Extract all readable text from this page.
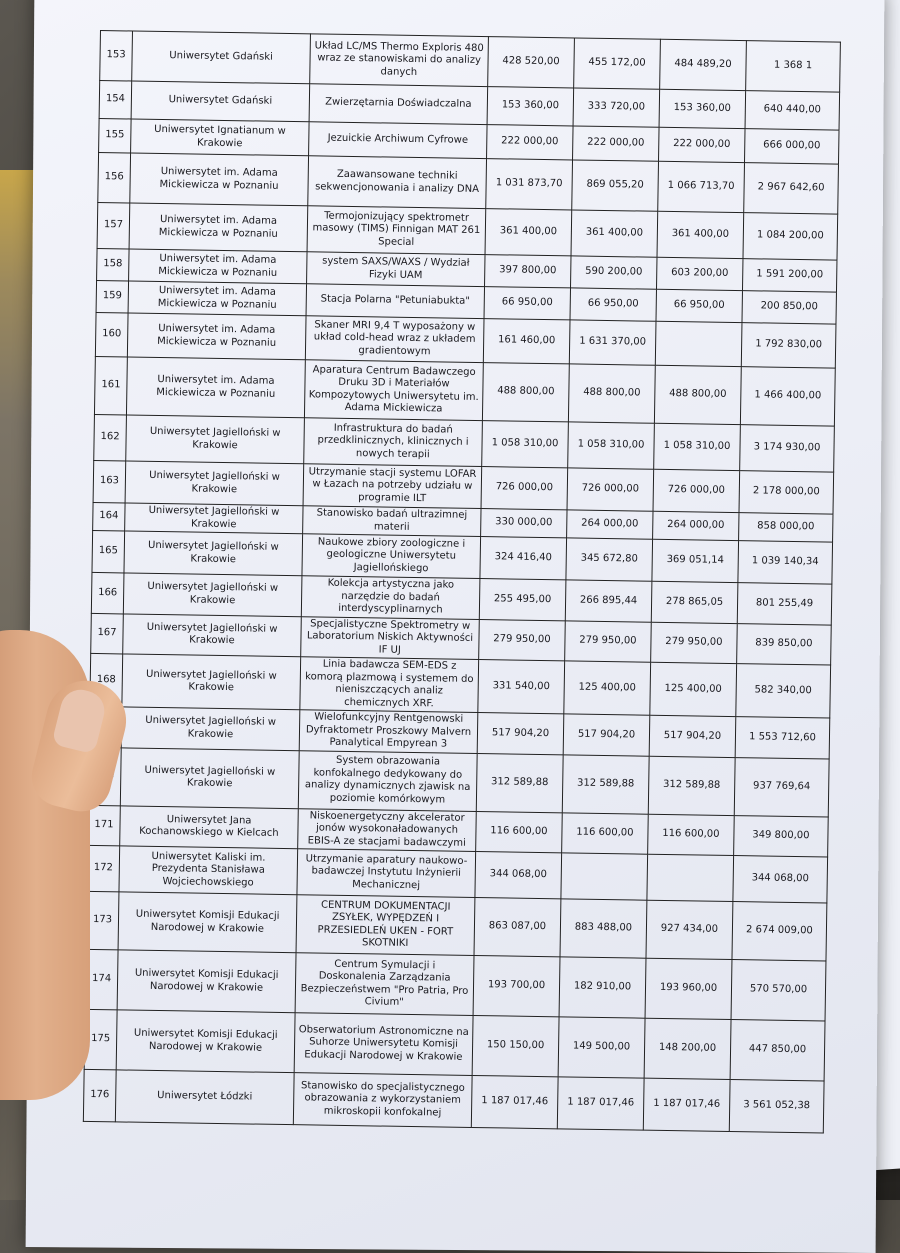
153	Uniwersytet Gdański	Układ LC/MS Thermo Exploris 480 wraz ze stanowiskami do analizy danych	428 520,00	455 172,00	484 489,20	1 368 1
154	Uniwersytet Gdański	Zwierzętarnia Doświadczalna	153 360,00	333 720,00	153 360,00	640 440,00
155	Uniwersytet Ignatianum w Krakowie	Jezuickie Archiwum Cyfrowe	222 000,00	222 000,00	222 000,00	666 000,00
156	Uniwersytet im. Adama Mickiewicza w Poznaniu	Zaawansowane techniki sekwencjonowania i analizy DNA	1 031 873,70	869 055,20	1 066 713,70	2 967 642,60
157	Uniwersytet im. Adama Mickiewicza w Poznaniu	Termojonizujący spektrometr masowy (TIMS) Finnigan MAT 261 Special	361 400,00	361 400,00	361 400,00	1 084 200,00
158	Uniwersytet im. Adama Mickiewicza w Poznaniu	system SAXS/WAXS / Wydział Fizyki UAM	397 800,00	590 200,00	603 200,00	1 591 200,00
159	Uniwersytet im. Adama Mickiewicza w Poznaniu	Stacja Polarna "Petuniabukta"	66 950,00	66 950,00	66 950,00	200 850,00
160	Uniwersytet im. Adama Mickiewicza w Poznaniu	Skaner MRI 9,4 T wyposażony w układ cold-head wraz z układem gradientowym	161 460,00	1 631 370,00		1 792 830,00
161	Uniwersytet im. Adama Mickiewicza w Poznaniu	Aparatura Centrum Badawczego Druku 3D i Materiałów Kompozytowych Uniwersytetu im. Adama Mickiewicza	488 800,00	488 800,00	488 800,00	1 466 400,00
162	Uniwersytet Jagielloński w Krakowie	Infrastruktura do badań przedklinicznych, klinicznych i nowych terapii	1 058 310,00	1 058 310,00	1 058 310,00	3 174 930,00
163	Uniwersytet Jagielloński w Krakowie	Utrzymanie stacji systemu LOFAR w Łazach na potrzeby udziału w programie ILT	726 000,00	726 000,00	726 000,00	2 178 000,00
164	Uniwersytet Jagielloński w Krakowie	Stanowisko badań ultrazimnej materii	330 000,00	264 000,00	264 000,00	858 000,00
165	Uniwersytet Jagielloński w Krakowie	Naukowe zbiory zoologiczne i geologiczne Uniwersytetu Jagiellońskiego	324 416,40	345 672,80	369 051,14	1 039 140,34
166	Uniwersytet Jagielloński w Krakowie	Kolekcja artystyczna jako narzędzie do badań interdyscyplinarnych	255 495,00	266 895,44	278 865,05	801 255,49
167	Uniwersytet Jagielloński w Krakowie	Specjalistyczne Spektrometry w Laboratorium Niskich Aktywności IF UJ	279 950,00	279 950,00	279 950,00	839 850,00
168	Uniwersytet Jagielloński w Krakowie	Linia badawcza SEM-EDS z komorą plazmową i systemem do nieniszczących analiz chemicznych XRF.	331 540,00	125 400,00	125 400,00	582 340,00
	Uniwersytet Jagielloński w Krakowie	Wielofunkcyjny Rentgenowski Dyfraktometr Proszkowy Malvern Panalytical Empyrean 3	517 904,20	517 904,20	517 904,20	1 553 712,60
	Uniwersytet Jagielloński w Krakowie	System obrazowania konfokalnego dedykowany do analizy dynamicznych zjawisk na poziomie komórkowym	312 589,88	312 589,88	312 589,88	937 769,64
171	Uniwersytet Jana Kochanowskiego w Kielcach	Niskoenergetyczny akcelerator jonów wysokonaładowanych EBIS-A ze stacjami badawczymi	116 600,00	116 600,00	116 600,00	349 800,00
172	Uniwersytet Kaliski im. Prezydenta Stanisława Wojciechowskiego	Utrzymanie aparatury naukowo-badawczej Instytutu Inżynierii Mechanicznej	344 068,00			344 068,00
173	Uniwersytet Komisji Edukacji Narodowej w Krakowie	CENTRUM DOKUMENTACJI ZSYŁEK, WYPĘDZEŃ I PRZESIEDLEŃ UKEN - FORT SKOTNIKI	863 087,00	883 488,00	927 434,00	2 674 009,00
174	Uniwersytet Komisji Edukacji Narodowej w Krakowie	Centrum Symulacji i Doskonalenia Zarządzania Bezpieczeństwem "Pro Patria, Pro Civium"	193 700,00	182 910,00	193 960,00	570 570,00
175	Uniwersytet Komisji Edukacji Narodowej w Krakowie	Obserwatorium Astronomiczne na Suhorze Uniwersytetu Komisji Edukacji Narodowej w Krakowie	150 150,00	149 500,00	148 200,00	447 850,00
176	Uniwersytet Łódzki	Stanowisko do specjalistycznego obrazowania z wykorzystaniem mikroskopii konfokalnej	1 187 017,46	1 187 017,46	1 187 017,46	3 561 052,38
